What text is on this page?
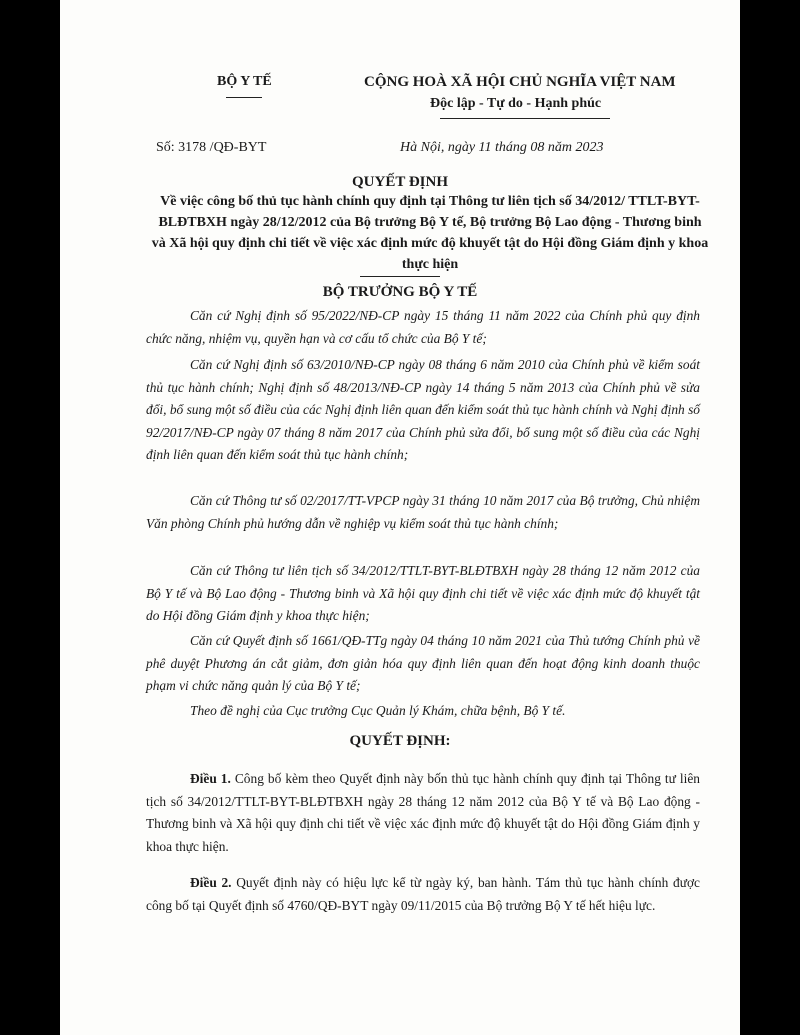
BỘ Y TẾ	CỘNG HOÀ XÃ HỘI CHỦ NGHĨA VIỆT NAM
Độc lập - Tự do - Hạnh phúc
Số: 3178 /QĐ-BYT	Hà Nội, ngày 11 tháng 08 năm 2023
QUYẾT ĐỊNH
Về việc công bố thủ tục hành chính quy định tại Thông tư liên tịch số 34/2012/ TTLT-BYT-BLĐTBXH ngày 28/12/2012 của Bộ trưởng Bộ Y tế, Bộ trưởng Bộ Lao động - Thương binh và Xã hội quy định chi tiết về việc xác định mức độ khuyết tật do Hội đồng Giám định y khoa thực hiện
BỘ TRƯỞNG BỘ Y TẾ
Căn cứ Nghị định số 95/2022/NĐ-CP ngày 15 tháng 11 năm 2022 của Chính phủ quy định chức năng, nhiệm vụ, quyền hạn và cơ cấu tổ chức của Bộ Y tế;
Căn cứ Nghị định số 63/2010/NĐ-CP ngày 08 tháng 6 năm 2010 của Chính phủ về kiểm soát thủ tục hành chính; Nghị định số 48/2013/NĐ-CP ngày 14 tháng 5 năm 2013 của Chính phủ về sửa đổi, bổ sung một số điều của các Nghị định liên quan đến kiểm soát thủ tục hành chính và Nghị định số 92/2017/NĐ-CP ngày 07 tháng 8 năm 2017 của Chính phủ sửa đổi, bổ sung một số điều của các Nghị định liên quan đến kiểm soát thủ tục hành chính;
Căn cứ Thông tư số 02/2017/TT-VPCP ngày 31 tháng 10 năm 2017 của Bộ trưởng, Chủ nhiệm Văn phòng Chính phủ hướng dẫn về nghiệp vụ kiểm soát thủ tục hành chính;
Căn cứ Thông tư liên tịch số 34/2012/TTLT-BYT-BLĐTBXH ngày 28 tháng 12 năm 2012 của Bộ Y tế và Bộ Lao động - Thương binh và Xã hội quy định chi tiết về việc xác định mức độ khuyết tật do Hội đồng Giám định y khoa thực hiện;
Căn cứ Quyết định số 1661/QĐ-TTg ngày 04 tháng 10 năm 2021 của Thủ tướng Chính phủ về phê duyệt Phương án cắt giảm, đơn giản hóa quy định liên quan đến hoạt động kinh doanh thuộc phạm vi chức năng quản lý của Bộ Y tế;
Theo đề nghị của Cục trưởng Cục Quản lý Khám, chữa bệnh, Bộ Y tế.
QUYẾT ĐỊNH:
Điều 1. Công bố kèm theo Quyết định này bốn thủ tục hành chính quy định tại Thông tư liên tịch số 34/2012/TTLT-BYT-BLĐTBXH ngày 28 tháng 12 năm 2012 của Bộ Y tế và Bộ Lao động - Thương binh và Xã hội quy định chi tiết về việc xác định mức độ khuyết tật do Hội đồng Giám định y khoa thực hiện.
Điều 2. Quyết định này có hiệu lực kể từ ngày ký, ban hành. Tám thủ tục hành chính được công bố tại Quyết định số 4760/QĐ-BYT ngày 09/11/2015 của Bộ trưởng Bộ Y tế hết hiệu lực.
